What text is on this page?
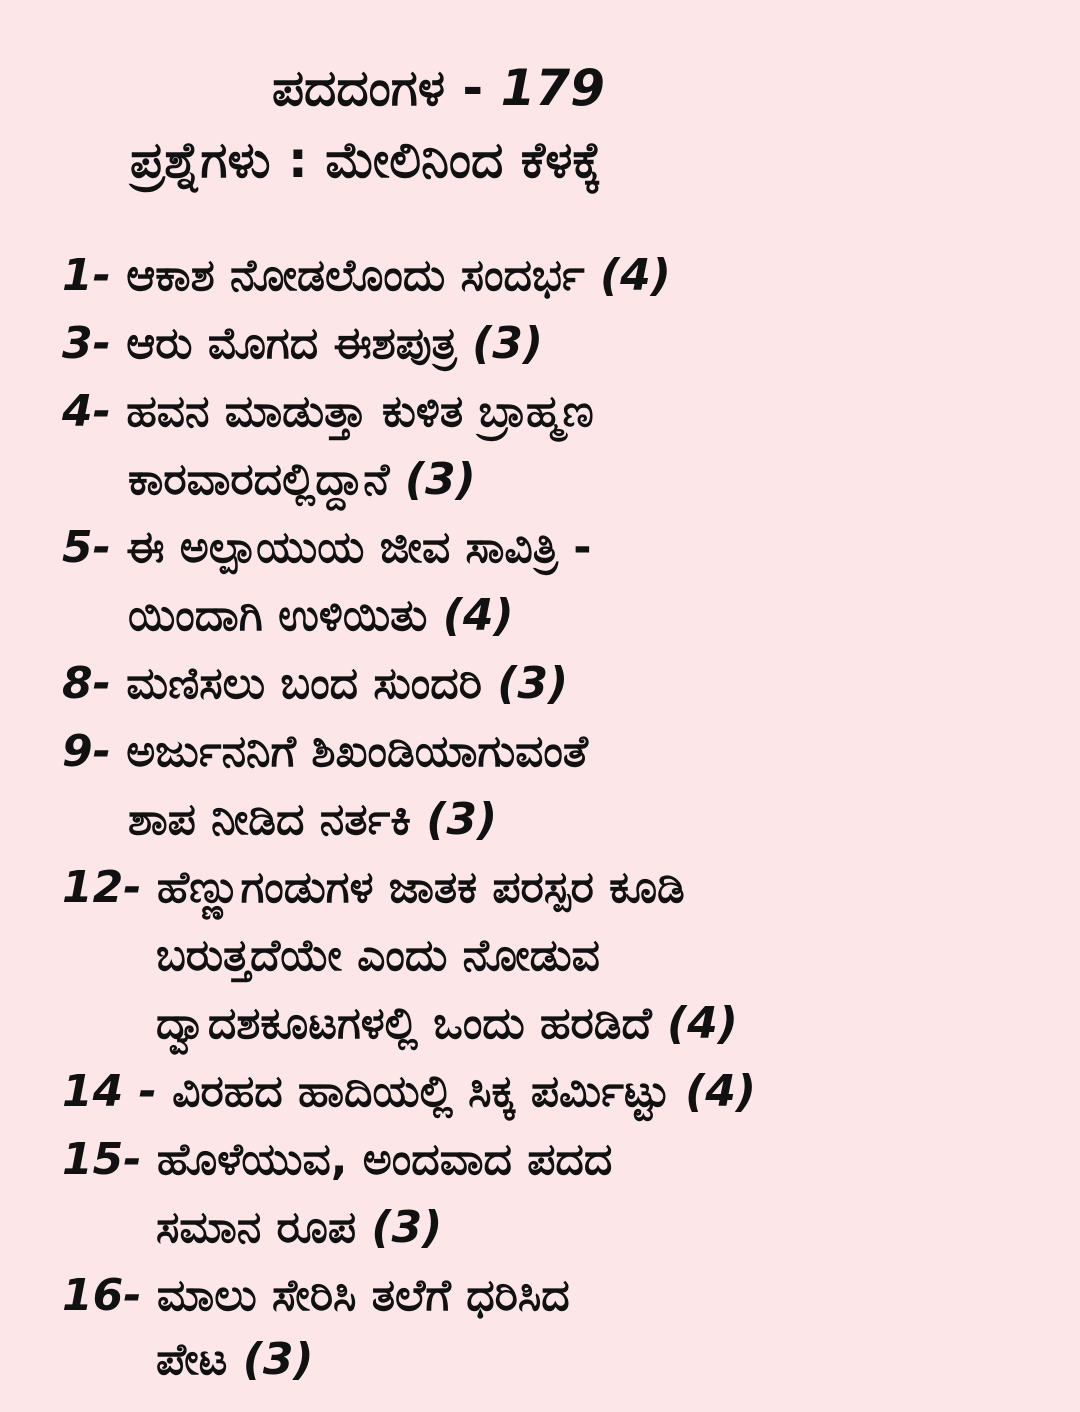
ಪದದಂಗಳ - 179
ಪ್ರಶ್ನೆಗಳು : ಮೇಲಿನಿಂದ ಕೆಳಕ್ಕೆ
1- ಆಕಾಶ ನೋಡಲೊಂದು ಸಂದರ್ಭ (4)
3- ಆರು ಮೊಗದ ಈಶಪುತ್ರ (3)
4- ಹವನ ಮಾಡುತ್ತಾ ಕುಳಿತ ಬ್ರಾಹ್ಮಣ
ಕಾರವಾರದಲ್ಲಿದ್ದಾನೆ (3)
5- ಈ ಅಲ್ಪಾಯುಯ ಜೀವ ಸಾವಿತ್ರಿ -
ಯಿಂದಾಗಿ ಉಳಿಯಿತು (4)
8- ಮಣಿಸಲು ಬಂದ ಸುಂದರಿ (3)
9- ಅರ್ಜುನನಿಗೆ ಶಿಖಂಡಿಯಾಗುವಂತೆ
ಶಾಪ ನೀಡಿದ ನರ್ತಕಿ (3)
12- ಹೆಣ್ಣುಗಂಡುಗಳ ಜಾತಕ ಪರಸ್ಪರ ಕೂಡಿ
ಬರುತ್ತದೆಯೇ ಎಂದು ನೋಡುವ
ದ್ವಾದಶಕೂಟಗಳಲ್ಲಿ ಒಂದು ಹರಡಿದೆ (4)
14 - ವಿರಹದ ಹಾದಿಯಲ್ಲಿ ಸಿಕ್ಕ ಪರ್ಮಿಟ್ಟು (4)
15- ಹೊಳೆಯುವ, ಅಂದವಾದ ಪದದ
ಸಮಾನ ರೂಪ (3)
16- ಮಾಲು ಸೇರಿಸಿ ತಲೆಗೆ ಧರಿಸಿದ
ಪೇಟ (3)
